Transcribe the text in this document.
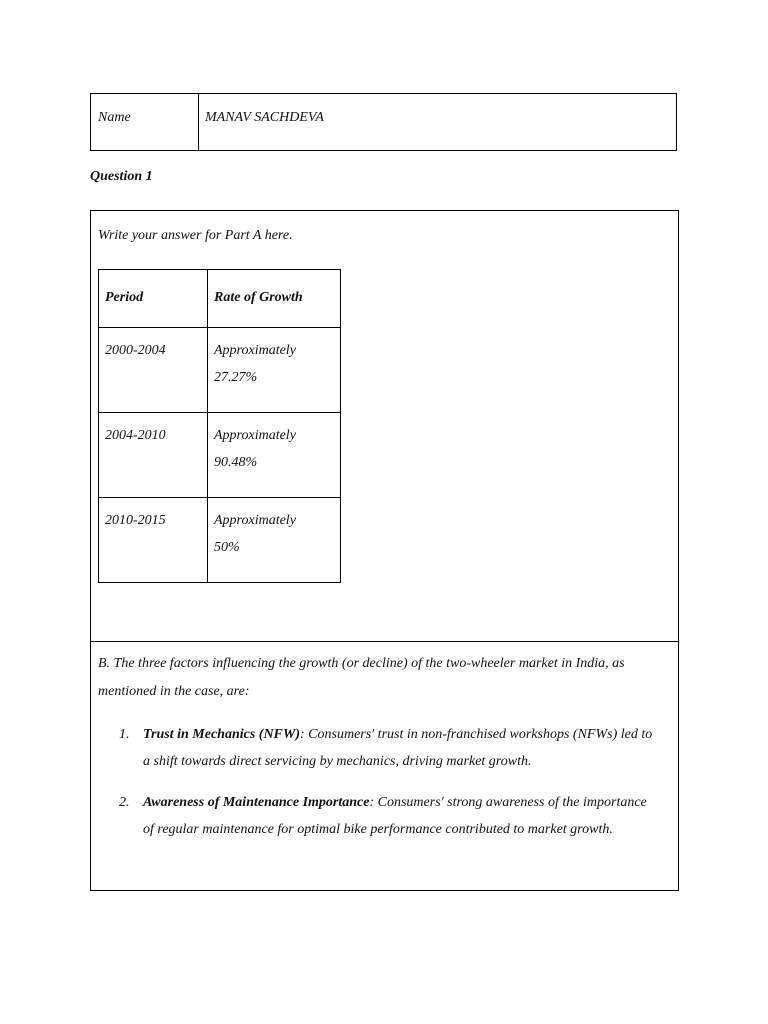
Name	MANAV SACHDEVA
Question 1
Write your answer for Part A here.
Period	Rate of Growth
2000-2004	Approximately
27.27%

2004-2010	Approximately
90.48%

2010-2015	Approximately
50%
B. The three factors influencing the growth (or decline) of the two-wheeler market in India, as mentioned in the case, are:
1. Trust in Mechanics (NFW): Consumers' trust in non-franchised workshops (NFWs) led to a shift towards direct servicing by mechanics, driving market growth.
2. Awareness of Maintenance Importance: Consumers' strong awareness of the importance of regular maintenance for optimal bike performance contributed to market growth.
